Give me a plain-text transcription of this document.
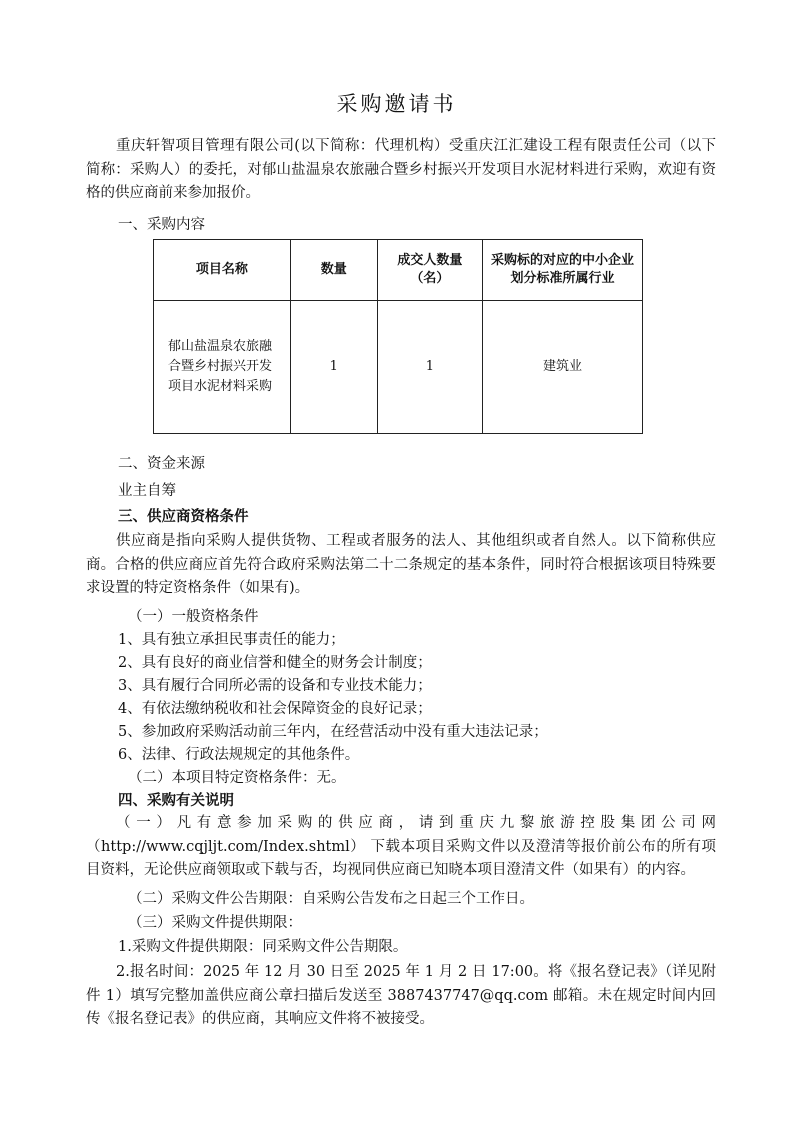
采购邀请书

重庆轩智项目管理有限公司(以下简称：代理机构）受重庆江汇建设工程有限责任公司（以下简称：采购人）的委托，对郁山盐温泉农旅融合暨乡村振兴开发项目水泥材料进行采购，欢迎有资格的供应商前来参加报价。

一、采购内容
项目名称	数量	成交人数量（名）	采购标的对应的中小企业划分标准所属行业
郁山盐温泉农旅融合暨乡村振兴开发项目水泥材料采购	1	1	建筑业
二、资金来源
业主自筹
三、供应商资格条件

供应商是指向采购人提供货物、工程或者服务的法人、其他组织或者自然人。以下简称供应商。合格的供应商应首先符合政府采购法第二十二条规定的基本条件，同时符合根据该项目特殊要求设置的特定资格条件（如果有)。

（一）一般资格条件
1、具有独立承担民事责任的能力；
2、具有良好的商业信誉和健全的财务会计制度；
3、具有履行合同所必需的设备和专业技术能力；
4、有依法缴纳税收和社会保障资金的良好记录；
5、参加政府采购活动前三年内，在经营活动中没有重大违法记录；
6、法律、行政法规规定的其他条件。
（二）本项目特定资格条件：无。
四、采购有关说明

（一）凡有意参加采购的供应商，请到重庆九黎旅游控股集团公司网（http://www.cqjljt.com/Index.shtml） 下载本项目采购文件以及澄清等报价前公布的所有项目资料，无论供应商领取或下载与否，均视同供应商已知晓本项目澄清文件（如果有）的内容。

（二）采购文件公告期限：自采购公告发布之日起三个工作日。
（三）采购文件提供期限：
1.采购文件提供期限：同采购文件公告期限。

2.报名时间：2025 年 12 月 30 日至 2025 年 1 月 2 日 17:00。将《报名登记表》（详见附件 1）填写完整加盖供应商公章扫描后发送至 3887437747@qq.com 邮箱。未在规定时间内回传《报名登记表》的供应商，其响应文件将不被接受。
